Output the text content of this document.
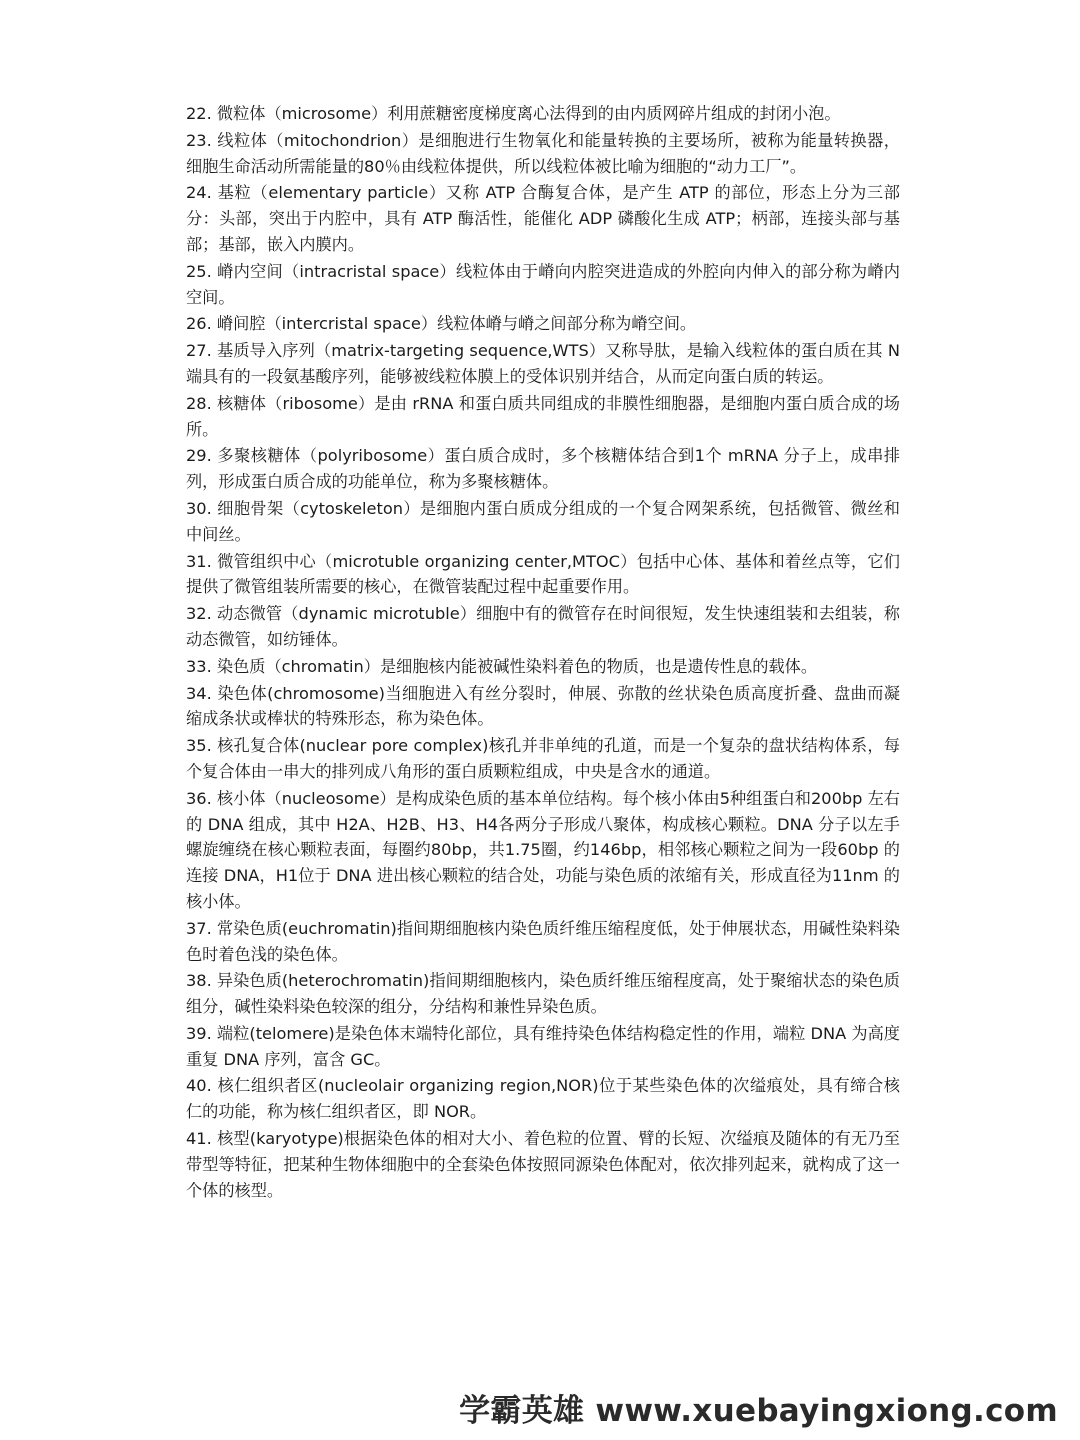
22. 微粒体（microsome）利用蔗糖密度梯度离心法得到的由内质网碎片组成的封闭小泡。

23. 线粒体（mitochondrion）是细胞进行生物氧化和能量转换的主要场所，被称为能量转换器，细胞生命活动所需能量的80％由线粒体提供，所以线粒体被比喻为细胞的“动力工厂”。

24. 基粒（elementary particle）又称 ATP 合酶复合体，是产生 ATP 的部位，形态上分为三部分：头部，突出于内腔中，具有 ATP 酶活性，能催化 ADP 磷酸化生成 ATP；柄部，连接头部与基部；基部，嵌入内膜内。

25. 嵴内空间（intracristal space）线粒体由于嵴向内腔突进造成的外腔向内伸入的部分称为嵴内空间。

26. 嵴间腔（intercristal space）线粒体嵴与嵴之间部分称为嵴空间。

27. 基质导入序列（matrix-targeting sequence,WTS）又称导肽，是输入线粒体的蛋白质在其 N 端具有的一段氨基酸序列，能够被线粒体膜上的受体识别并结合，从而定向蛋白质的转运。

28. 核糖体（ribosome）是由 rRNA 和蛋白质共同组成的非膜性细胞器，是细胞内蛋白质合成的场所。

29. 多聚核糖体（polyribosome）蛋白质合成时，多个核糖体结合到1个 mRNA 分子上，成串排列，形成蛋白质合成的功能单位，称为多聚核糖体。

30. 细胞骨架（cytoskeleton）是细胞内蛋白质成分组成的一个复合网架系统，包括微管、微丝和中间丝。

31. 微管组织中心（microtuble organizing center,MTOC）包括中心体、基体和着丝点等，它们提供了微管组装所需要的核心，在微管装配过程中起重要作用。

32. 动态微管（dynamic microtuble）细胞中有的微管存在时间很短，发生快速组装和去组装，称动态微管，如纺锤体。

33. 染色质（chromatin）是细胞核内能被碱性染料着色的物质，也是遗传性息的载体。

34. 染色体(chromosome)当细胞进入有丝分裂时，伸展、弥散的丝状染色质高度折叠、盘曲而凝缩成条状或棒状的特殊形态，称为染色体。

35. 核孔复合体(nuclear pore complex)核孔并非单纯的孔道，而是一个复杂的盘状结构体系，每个复合体由一串大的排列成八角形的蛋白质颗粒组成，中央是含水的通道。

36. 核小体（nucleosome）是构成染色质的基本单位结构。每个核小体由5种组蛋白和200bp 左右的 DNA 组成，其中 H2A、H2B、H3、H4各两分子形成八聚体，构成核心颗粒。DNA 分子以左手螺旋缠绕在核心颗粒表面，每圈约80bp，共1.75圈，约146bp，相邻核心颗粒之间为一段60bp 的连接 DNA，H1位于 DNA 进出核心颗粒的结合处，功能与染色质的浓缩有关，形成直径为11nm 的核小体。

37. 常染色质(euchromatin)指间期细胞核内染色质纤维压缩程度低，处于伸展状态，用碱性染料染色时着色浅的染色体。

38. 异染色质(heterochromatin)指间期细胞核内，染色质纤维压缩程度高，处于聚缩状态的染色质组分，碱性染料染色较深的组分，分结构和兼性异染色质。

39. 端粒(telomere)是染色体末端特化部位，具有维持染色体结构稳定性的作用，端粒 DNA 为高度重复 DNA 序列，富含 GC。

40. 核仁组织者区(nucleolair organizing region,NOR)位于某些染色体的次缢痕处，具有缔合核仁的功能，称为核仁组织者区，即 NOR。

41. 核型(karyotype)根据染色体的相对大小、着色粒的位置、臂的长短、次缢痕及随体的有无乃至带型等特征，把某种生物体细胞中的全套染色体按照同源染色体配对，依次排列起来，就构成了这一个体的核型。

学霸英雄 www.xuebayingxiong.com
